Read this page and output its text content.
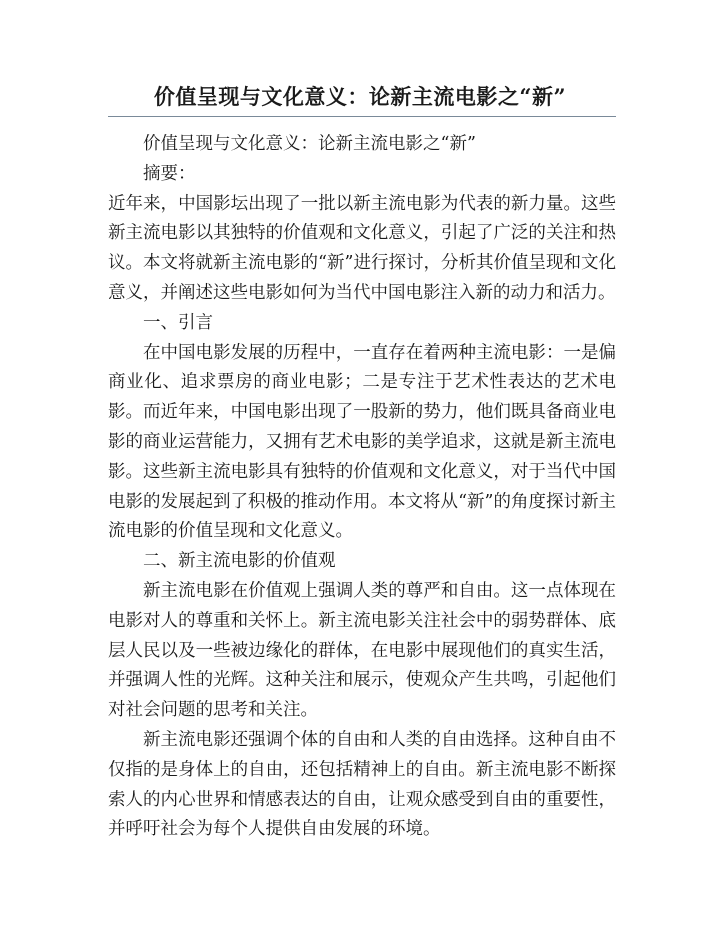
价值呈现与文化意义：论新主流电影之“新”

价值呈现与文化意义：论新主流电影之“新”

摘要：

近年来，中国影坛出现了一批以新主流电影为代表的新力量。这些新主流电影以其独特的价值观和文化意义，引起了广泛的关注和热议。本文将就新主流电影的“新”进行探讨，分析其价值呈现和文化意义，并阐述这些电影如何为当代中国电影注入新的动力和活力。

一、引言

在中国电影发展的历程中，一直存在着两种主流电影：一是偏商业化、追求票房的商业电影；二是专注于艺术性表达的艺术电影。而近年来，中国电影出现了一股新的势力，他们既具备商业电影的商业运营能力，又拥有艺术电影的美学追求，这就是新主流电影。这些新主流电影具有独特的价值观和文化意义，对于当代中国电影的发展起到了积极的推动作用。本文将从“新”的角度探讨新主流电影的价值呈现和文化意义。

二、新主流电影的价值观

新主流电影在价值观上强调人类的尊严和自由。这一点体现在电影对人的尊重和关怀上。新主流电影关注社会中的弱势群体、底层人民以及一些被边缘化的群体，在电影中展现他们的真实生活，并强调人性的光辉。这种关注和展示，使观众产生共鸣，引起他们对社会问题的思考和关注。

新主流电影还强调个体的自由和人类的自由选择。这种自由不仅指的是身体上的自由，还包括精神上的自由。新主流电影不断探索人的内心世界和情感表达的自由，让观众感受到自由的重要性，并呼吁社会为每个人提供自由发展的环境。
